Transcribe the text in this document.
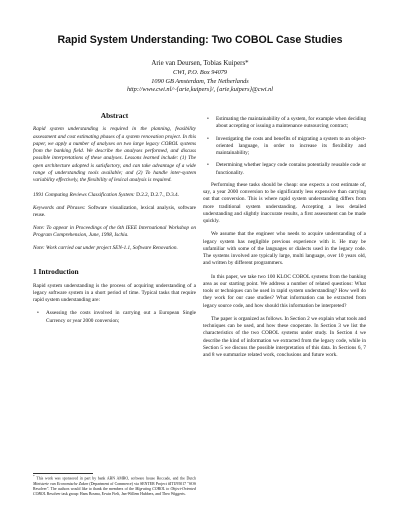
Rapid System Understanding: Two COBOL Case Studies
Arie van Deursen, Tobias Kuipers*
CWI, P.O. Box 94079
1090 GB Amsterdam, The Netherlands
http://www.cwi.nl/~{arie,kuipers}/, {arie,kuipers}@cwi.nl
Abstract
Rapid system understanding is required in the planning, feasibility assessment and cost estimating phases of a system renovation project. In this paper, we apply a number of analyses on two large legacy COBOL systems from the banking field. We describe the analyses performed, and discuss possible interpretations of these analyses. Lessons learned include: (1) The open architecture adopted is satisfactory, and can take advantage of a wide range of understanding tools available; and (2) To handle inter-system variability effectively, the flexibility of lexical analysis is required.
1991 Computing Reviews Classification System: D.2.2, D.2.7., D.3.4.
Keywords and Phrases: Software visualization, lexical analysis, software reuse.
Note: To appear in Proceedings of the 6th IEEE International Workshop on Program Comprehension, June, 1998, Ischia.
Note: Work carried out under project SEN-1.1, Software Renovation.
1 Introduction
Rapid system understanding is the process of acquiring understanding of a legacy software system in a short period of time. Typical tasks that require rapid system understanding are:
• Assessing the costs involved in carrying out a European Single Currency or year 2000 conversion;
• Estimating the maintainability of a system, for example when deciding about accepting or issuing a maintenance outsourcing contract;
• Investigating the costs and benefits of migrating a system to an object-oriented language, in order to increase its flexibility and maintainability;
• Determining whether legacy code contains potentially reusable code or functionality.
Performing these tasks should be cheap: one expects a cost estimate of, say, a year 2000 conversion to be significantly less expensive than carrying out that conversion. This is where rapid system understanding differs from more traditional system understanding. Accepting a less detailed understanding and slightly inaccurate results, a first assessment can be made quickly.
We assume that the engineer who needs to acquire understanding of a legacy system has negligible previous experience with it. He may be unfamiliar with some of the languages or dialects used in the legacy code. The systems involved are typically large, multi language, over 10 years old, and written by different programmers.
In this paper, we take two 100 KLOC COBOL systems from the banking area as our starting point. We address a number of related questions: What tools or techniques can be used in rapid system understanding? How well do they work for our case studies? What information can be extracted from legacy source code, and how should this information be interpreted?
The paper is organized as follows. In Section 2 we explain what tools and techniques can be used, and how these cooperate. In Section 3 we list the characteristics of the two COBOL systems under study. In Section 4 we describe the kind of information we extracted from the legacy code, while in Section 5 we discuss the possible interpretation of this data. In Sections 6, 7 and 8 we summarize related work, conclusions and future work.
* This work was sponsored in part by bank ABN AMRO, software house Roccade, and the Dutch Ministerie van Economische Zaken (Department of Commerce) via SENTER Project #ITU95017 "SOS Resolver". The authors would like to thank the members of the Migrating COBOL to Object-Oriented COBOL Resolver task group: Hans Bosma, Erwin Fielt, Jan-Willem Hubbers, and Theo Wiggerts.
